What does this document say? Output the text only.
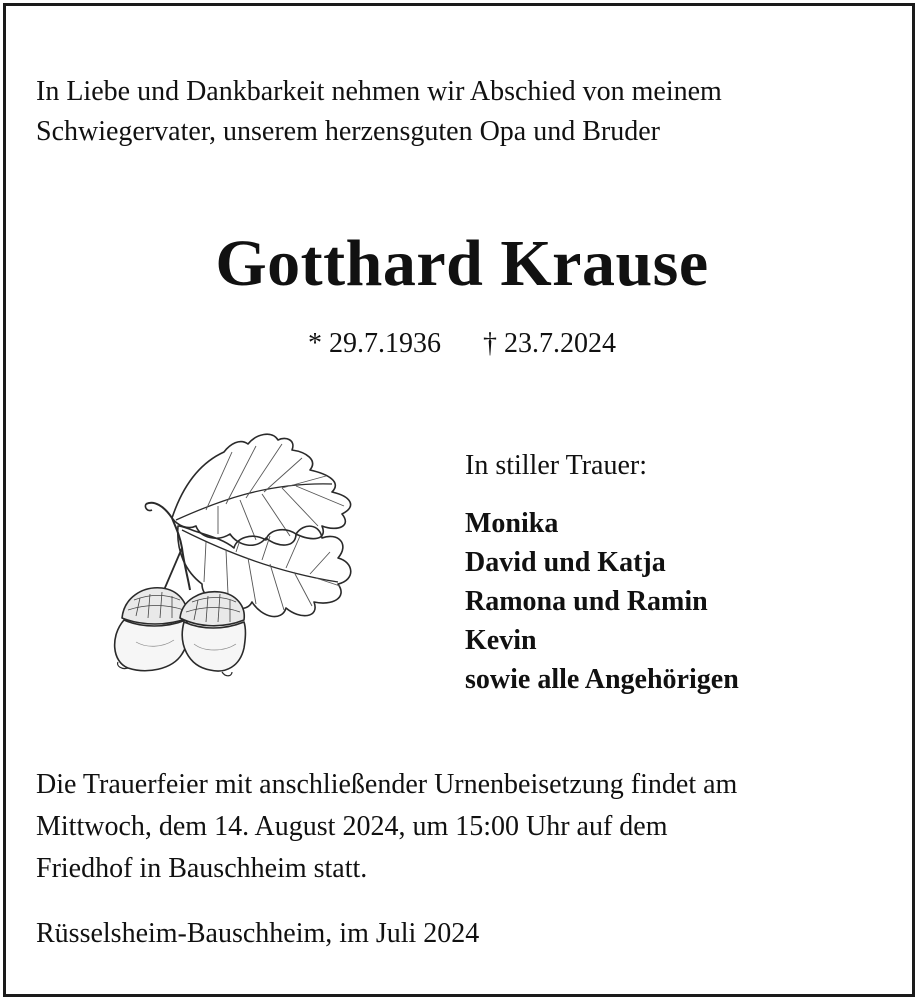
In Liebe und Dankbarkeit nehmen wir Abschied von meinem
Schwiegervater, unserem herzensguten Opa und Bruder
Gotthard Krause
* 29.7.1936 † 23.7.2024
In stiller Trauer:
Monika
David und Katja
Ramona und Ramin
Kevin
sowie alle Angehörigen
Die Trauerfeier mit anschließender Urnenbeisetzung findet am
Mittwoch, dem 14. August 2024, um 15:00 Uhr auf dem
Friedhof in Bauschheim statt.
Rüsselsheim-Bauschheim, im Juli 2024
